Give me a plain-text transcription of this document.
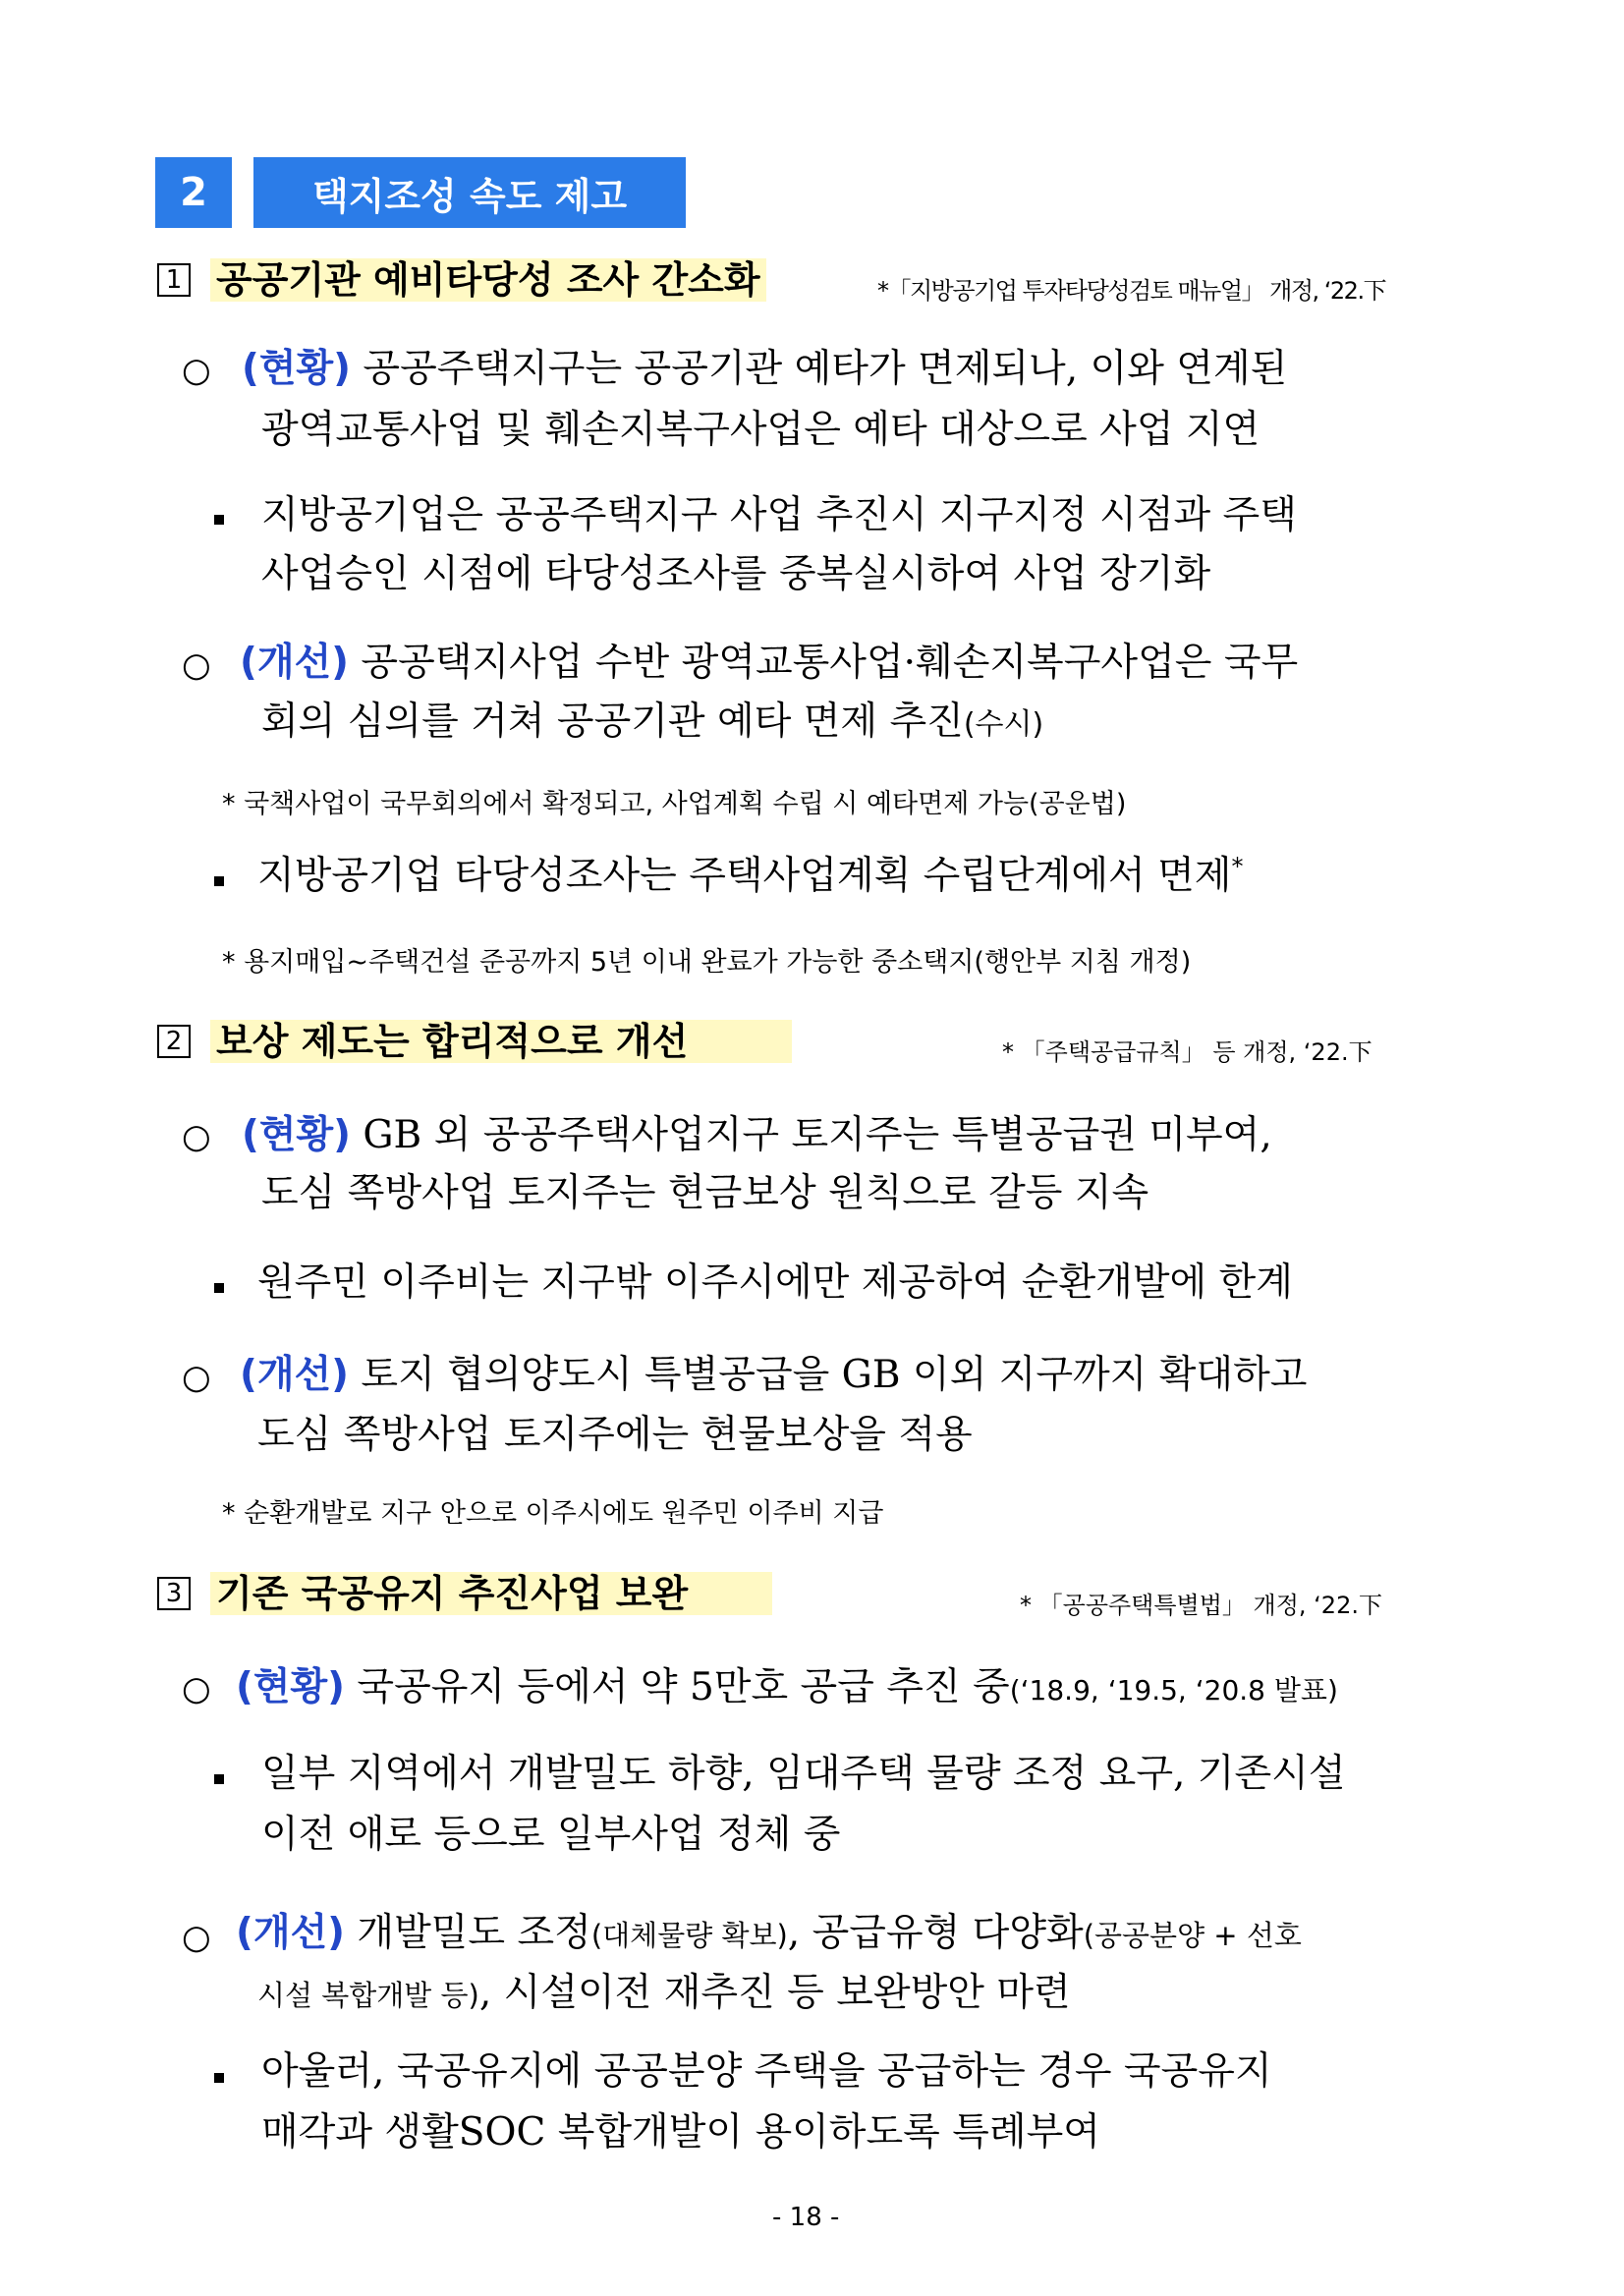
2	택지조성 속도 제고
1 공공기관 예비타당성 조사 간소화	*「지방공기업 투자타당성검토 매뉴얼」 개정, ‘22.下
○ (현황) 공공주택지구는 공공기관 예타가 면제되나, 이와 연계된
광역교통사업 및 훼손지복구사업은 예타 대상으로 사업 지연
지방공기업은 공공주택지구 사업 추진시 지구지정 시점과 주택
사업승인 시점에 타당성조사를 중복실시하여 사업 장기화
○ (개선) 공공택지사업 수반 광역교통사업·훼손지복구사업은 국무
회의 심의를 거쳐 공공기관 예타 면제 추진(수시)
* 국책사업이 국무회의에서 확정되고, 사업계획 수립 시 예타면제 가능(공운법)
지방공기업 타당성조사는 주택사업계획 수립단계에서 면제*
* 용지매입~주택건설 준공까지 5년 이내 완료가 가능한 중소택지(행안부 지침 개정)
2 보상 제도는 합리적으로 개선	* 「주택공급규칙」 등 개정, ‘22.下
○ (현황) GB 외 공공주택사업지구 토지주는 특별공급권 미부여,
도심 쪽방사업 토지주는 현금보상 원칙으로 갈등 지속
원주민 이주비는 지구밖 이주시에만 제공하여 순환개발에 한계
○ (개선) 토지 협의양도시 특별공급을 GB 이외 지구까지 확대하고
도심 쪽방사업 토지주에는 현물보상을 적용
* 순환개발로 지구 안으로 이주시에도 원주민 이주비 지급
3 기존 국공유지 추진사업 보완	* 「공공주택특별법」 개정, ‘22.下
○ (현황) 국공유지 등에서 약 5만호 공급 추진 중(‘18.9, ‘19.5, ‘20.8 발표)
일부 지역에서 개발밀도 하향, 임대주택 물량 조정 요구, 기존시설
이전 애로 등으로 일부사업 정체 중
○ (개선) 개발밀도 조정(대체물량 확보), 공급유형 다양화(공공분양 + 선호
시설 복합개발 등), 시설이전 재추진 등 보완방안 마련
아울러, 국공유지에 공공분양 주택을 공급하는 경우 국공유지
매각과 생활SOC 복합개발이 용이하도록 특례부여
- 18 -
